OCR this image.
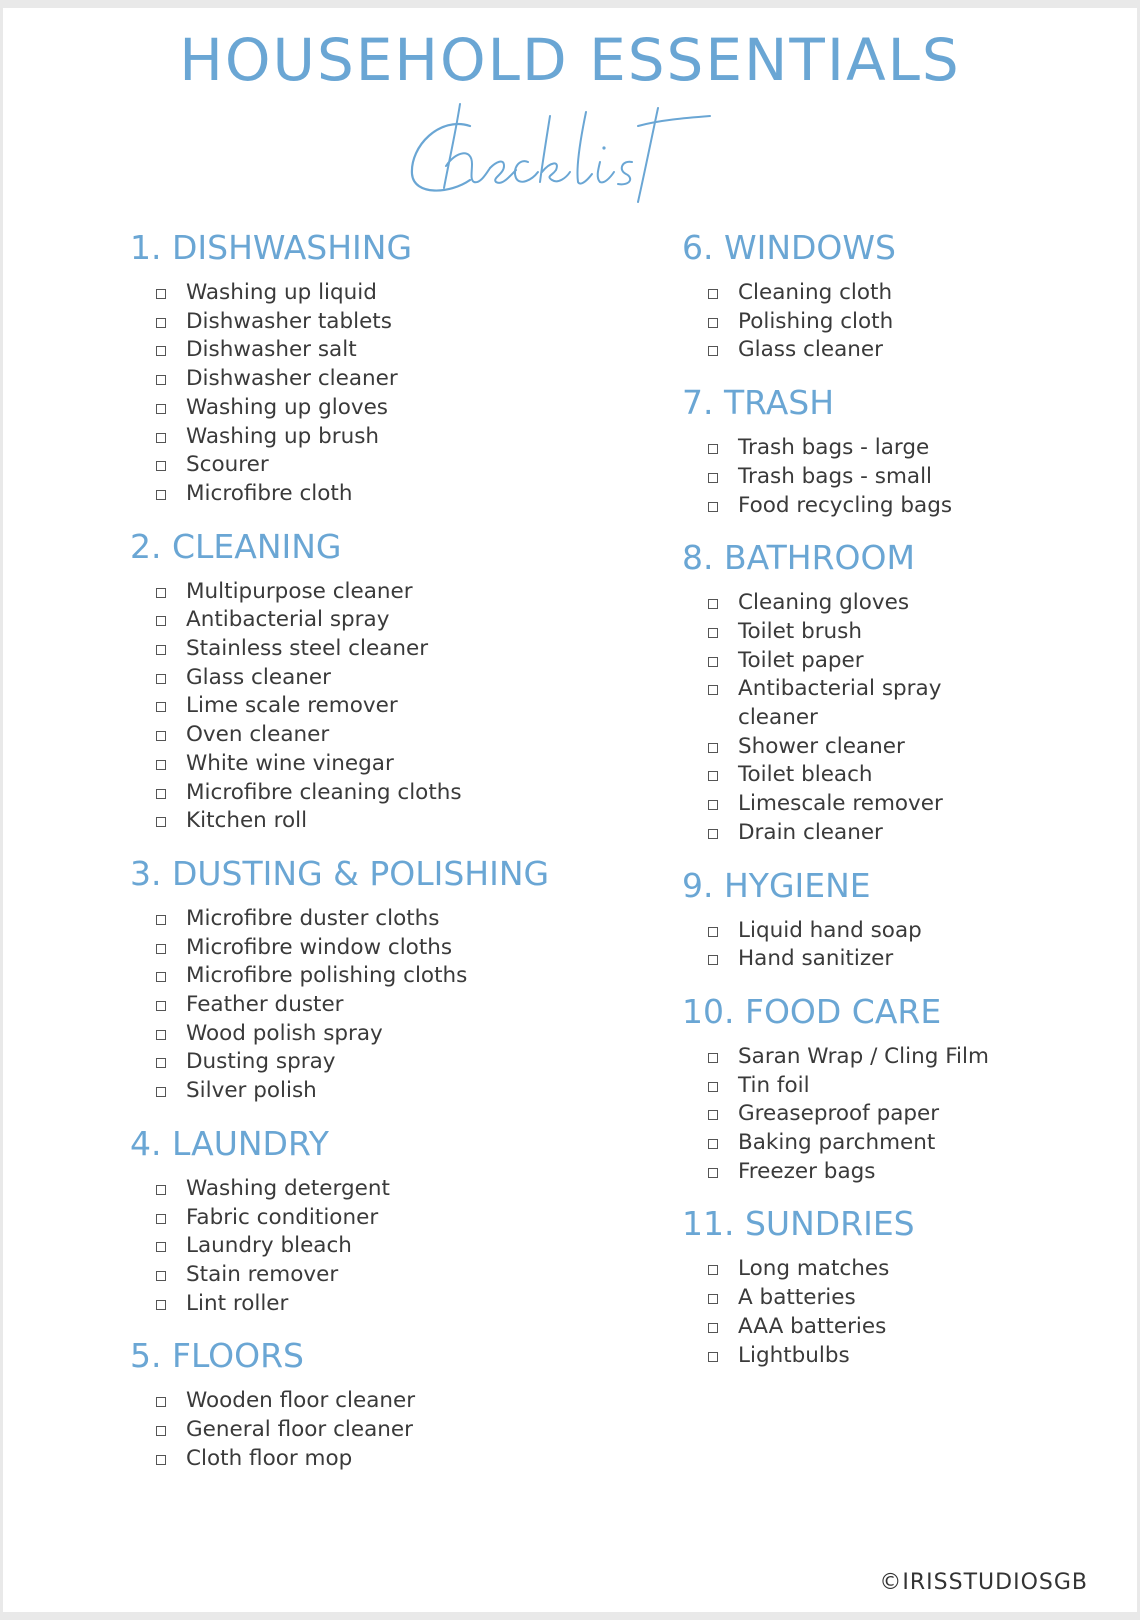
HOUSEHOLD ESSENTIALS
1. DISHWASHING
Washing up liquid
Dishwasher tablets
Dishwasher salt
Dishwasher cleaner
Washing up gloves
Washing up brush
Scourer
Microfibre cloth
2. CLEANING
Multipurpose cleaner
Antibacterial spray
Stainless steel cleaner
Glass cleaner
Lime scale remover
Oven cleaner
White wine vinegar
Microfibre cleaning cloths
Kitchen roll
3. DUSTING & POLISHING
Microfibre duster cloths
Microfibre window cloths
Microfibre polishing cloths
Feather duster
Wood polish spray
Dusting spray
Silver polish
4. LAUNDRY
Washing detergent
Fabric conditioner
Laundry bleach
Stain remover
Lint roller
5. FLOORS
Wooden floor cleaner
General floor cleaner
Cloth floor mop
6. WINDOWS
Cleaning cloth
Polishing cloth
Glass cleaner
7. TRASH
Trash bags - large
Trash bags - small
Food recycling bags
8. BATHROOM
Cleaning gloves
Toilet brush
Toilet paper
Antibacterial spray cleaner
Shower cleaner
Toilet bleach
Limescale remover
Drain cleaner
9. HYGIENE
Liquid hand soap
Hand sanitizer
10. FOOD CARE
Saran Wrap / Cling Film
Tin foil
Greaseproof paper
Baking parchment
Freezer bags
11. SUNDRIES
Long matches
A batteries
AAA batteries
Lightbulbs
©IRISSTUDIOSGB
